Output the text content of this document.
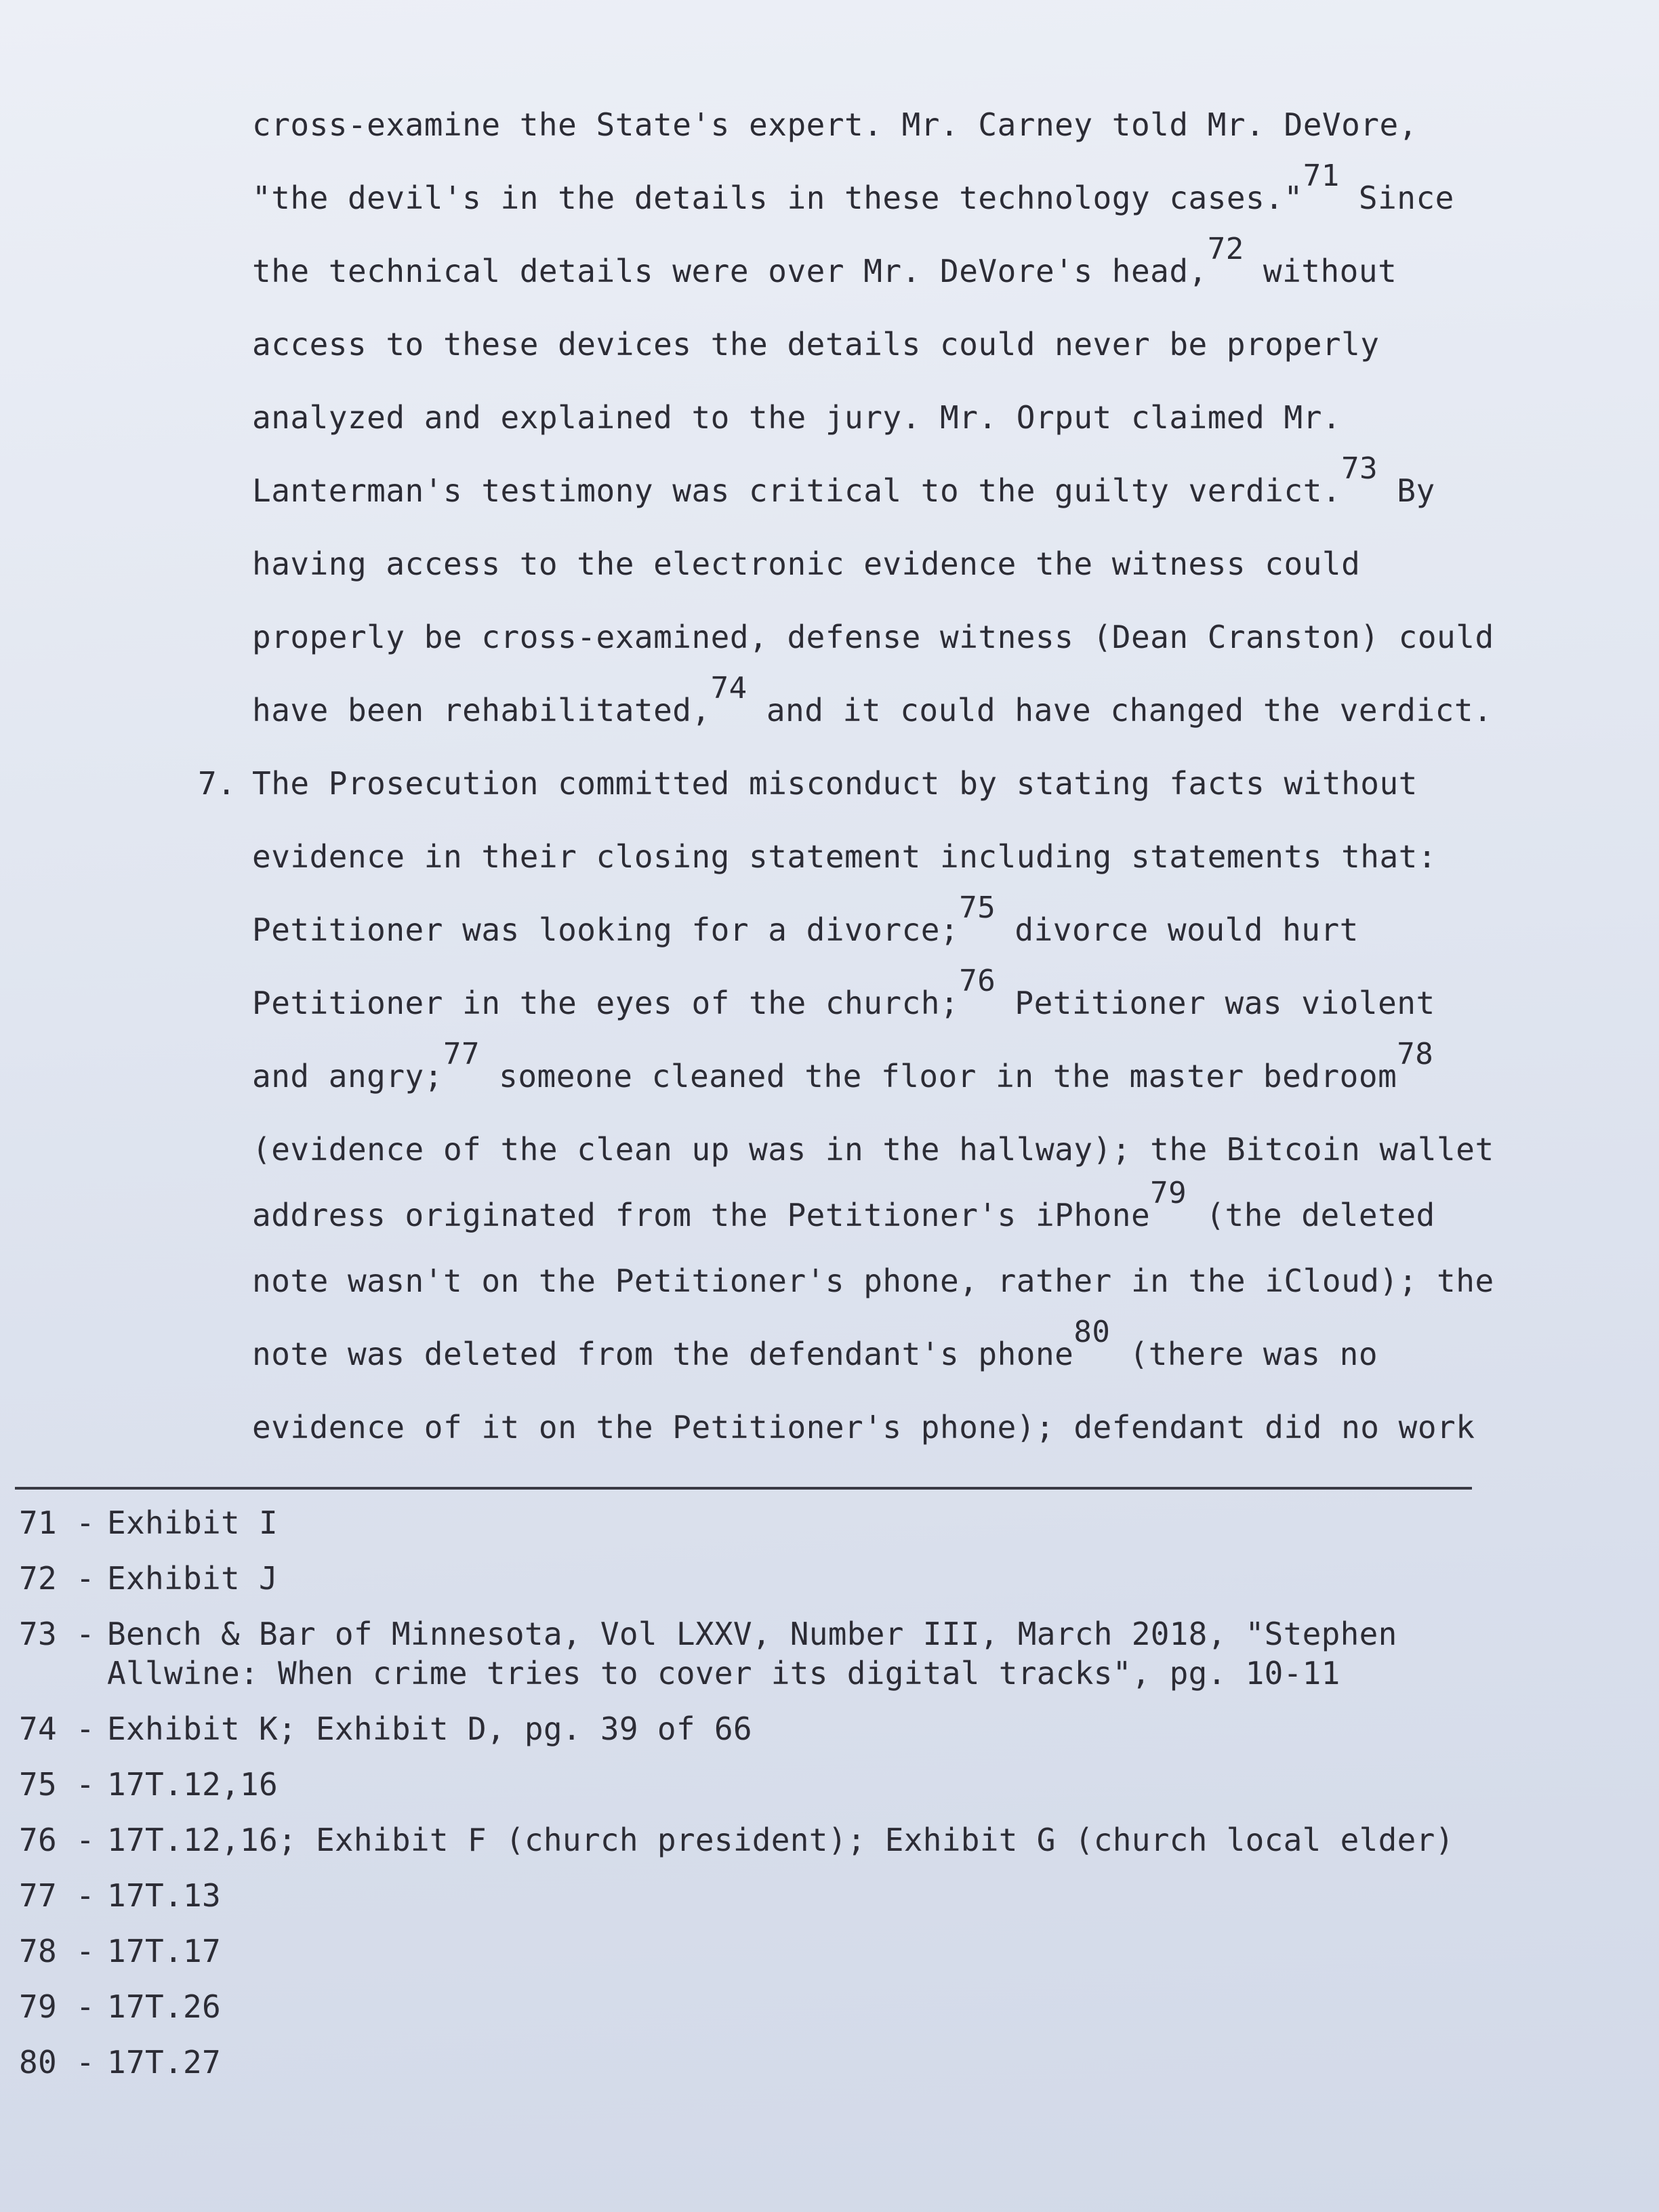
cross-examine the State's expert. Mr. Carney told Mr. DeVore,
"the devil's in the details in these technology cases."$^{71}$ Since
the technical details were over Mr. DeVore's head,$^{72}$ without
access to these devices the details could never be properly
analyzed and explained to the jury. Mr. Orput claimed Mr.
Lanterman's testimony was critical to the guilty verdict.$^{73}$ By
having access to the electronic evidence the witness could
properly be cross-examined, defense witness (Dean Cranston) could
have been rehabilitated,$^{74}$ and it could have changed the verdict.
7. The Prosecution committed misconduct by stating facts without
evidence in their closing statement including statements that:
Petitioner was looking for a divorce;$^{75}$ divorce would hurt
Petitioner in the eyes of the church;$^{76}$ Petitioner was violent
and angry;$^{77}$ someone cleaned the floor in the master bedroom$^{78}$
(evidence of the clean up was in the hallway); the Bitcoin wallet
address originated from the Petitioner's iPhone$^{79}$ (the deleted
note wasn't on the Petitioner's phone, rather in the iCloud); the
note was deleted from the defendant's phone$^{80}$ (there was no
evidence of it on the Petitioner's phone); defendant did no work
71 - Exhibit I
72 - Exhibit J
73 - Bench & Bar of Minnesota, Vol LXXV, Number III, March 2018, "Stephen
Allwine: When crime tries to cover its digital tracks", pg. 10-11
74 - Exhibit K; Exhibit D, pg. 39 of 66
75 - 17T.12,16
76 - 17T.12,16; Exhibit F (church president); Exhibit G (church local elder)
77 - 17T.13
78 - 17T.17
79 - 17T.26
80 - 17T.27
